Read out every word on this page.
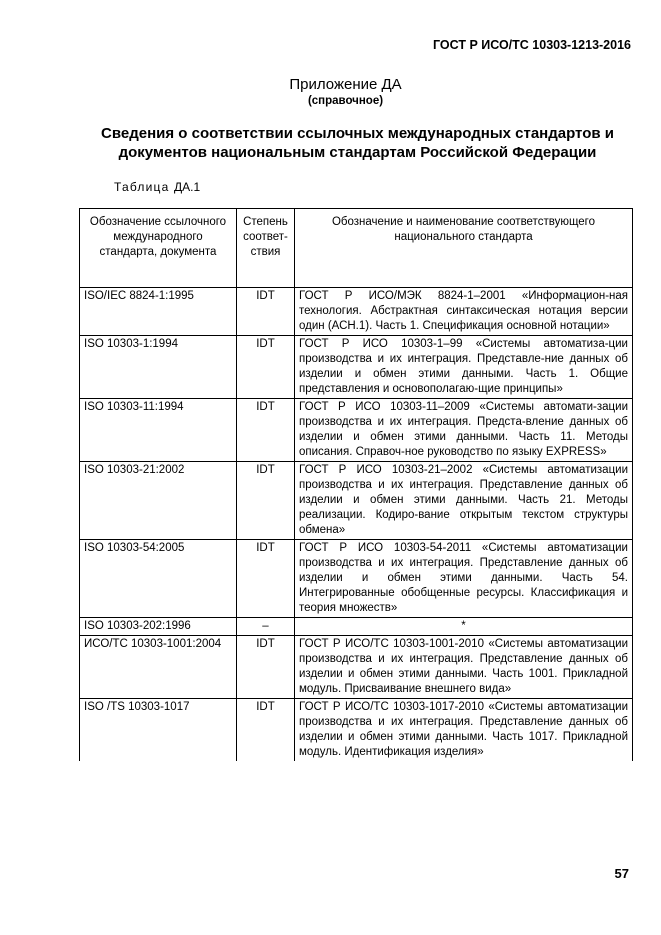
ГОСТ Р ИСО/ТС 10303-1213-2016
Приложение ДА
(справочное)
Сведения о соответствии ссылочных международных стандартов и документов национальным стандартам Российской Федерации
Таблица ДА.1
Обозначение ссылочного международного стандарта, документа	Степень соответ-ствия	Обозначение и наименование соответствующего национального стандарта
ISO/IEC 8824-1:1995	IDT	ГОСТ Р ИСО/МЭК 8824-1–2001 «Информацион-ная технология. Абстрактная синтаксическая нотация версии один (АСН.1). Часть 1. Спецификация основной нотации»
ISO 10303-1:1994	IDT	ГОСТ Р ИСО 10303-1–99 «Системы автоматиза-ции производства и их интеграция. Представле-ние данных об изделии и обмен этими данными. Часть 1. Общие представления и основополагаю-щие принципы»
ISO 10303-11:1994	IDT	ГОСТ Р ИСО 10303-11–2009 «Системы автомати-зации производства и их интеграция. Предста-вление данных об изделии и обмен этими данными. Часть 11. Методы описания. Справоч-ное руководство по языку EXPRESS»
ISO 10303-21:2002	IDT	ГОСТ Р ИСО 10303-21–2002 «Системы автоматизации производства и их интеграция. Представление данных об изделии и обмен этими данными. Часть 21. Методы реализации. Кодиро-вание открытым текстом структуры обмена»
ISO 10303-54:2005	IDT	ГОСТ Р ИСО 10303-54-2011 «Системы автоматизации производства и их интеграция. Представление данных об изделии и обмен этими данными. Часть 54. Интегрированные обобщенные ресурсы. Классификация и теория множеств»
ISO 10303-202:1996	–	*
ИСО/ТС 10303-1001:2004	IDT	ГОСТ Р ИСО/ТС 10303-1001-2010 «Системы автоматизации производства и их интеграция. Представление данных об изделии и обмен этими данными. Часть 1001. Прикладной модуль. Присваивание внешнего вида»
ISO /TS 10303-1017	IDT	ГОСТ Р ИСО/ТС 10303-1017-2010 «Системы автоматизации производства и их интеграция. Представление данных об изделии и обмен этими данными. Часть 1017. Прикладной модуль. Идентификация изделия»
57
